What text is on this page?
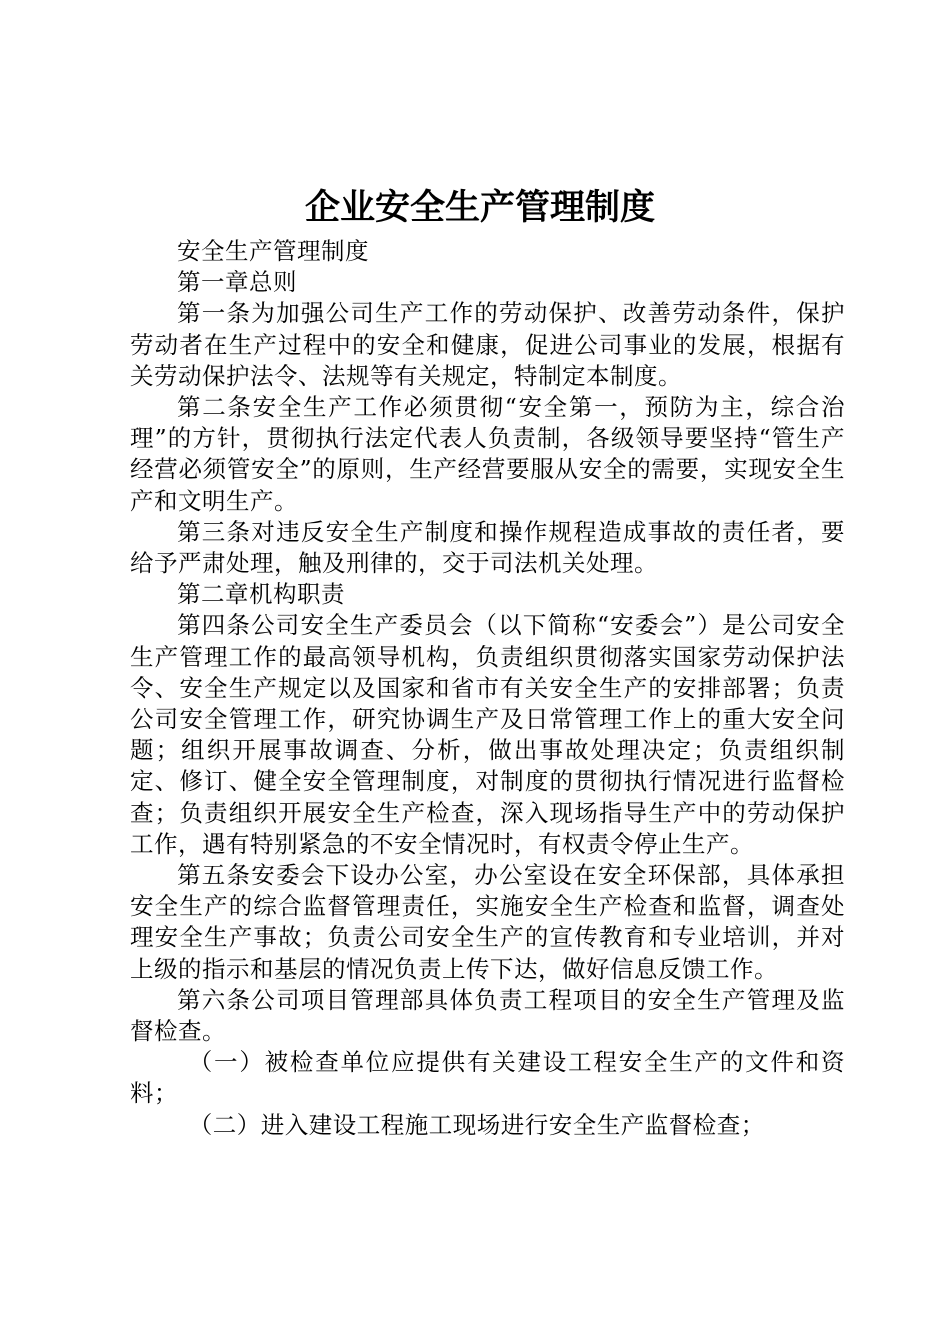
企业安全生产管理制度

安全生产管理制度

第一章总则

第一条为加强公司生产工作的劳动保护、改善劳动条件，保护劳动者在生产过程中的安全和健康，促进公司事业的发展，根据有关劳动保护法令、法规等有关规定，特制定本制度。

第二条安全生产工作必须贯彻“安全第一，预防为主，综合治理”的方针，贯彻执行法定代表人负责制，各级领导要坚持“管生产经营必须管安全”的原则，生产经营要服从安全的需要，实现安全生产和文明生产。

第三条对违反安全生产制度和操作规程造成事故的责任者，要给予严肃处理，触及刑律的，交于司法机关处理。

第二章机构职责

第四条公司安全生产委员会（以下简称“安委会”）是公司安全生产管理工作的最高领导机构，负责组织贯彻落实国家劳动保护法令、安全生产规定以及国家和省市有关安全生产的安排部署；负责公司安全管理工作，研究协调生产及日常管理工作上的重大安全问题；组织开展事故调查、分析，做出事故处理决定；负责组织制定、修订、健全安全管理制度，对制度的贯彻执行情况进行监督检查；负责组织开展安全生产检查，深入现场指导生产中的劳动保护工作，遇有特别紧急的不安全情况时，有权责令停止生产。

第五条安委会下设办公室，办公室设在安全环保部，具体承担安全生产的综合监督管理责任，实施安全生产检查和监督，调查处理安全生产事故；负责公司安全生产的宣传教育和专业培训，并对上级的指示和基层的情况负责上传下达，做好信息反馈工作。

第六条公司项目管理部具体负责工程项目的安全生产管理及监督检查。

（一）被检查单位应提供有关建设工程安全生产的文件和资料；

（二）进入建设工程施工现场进行安全生产监督检查；
